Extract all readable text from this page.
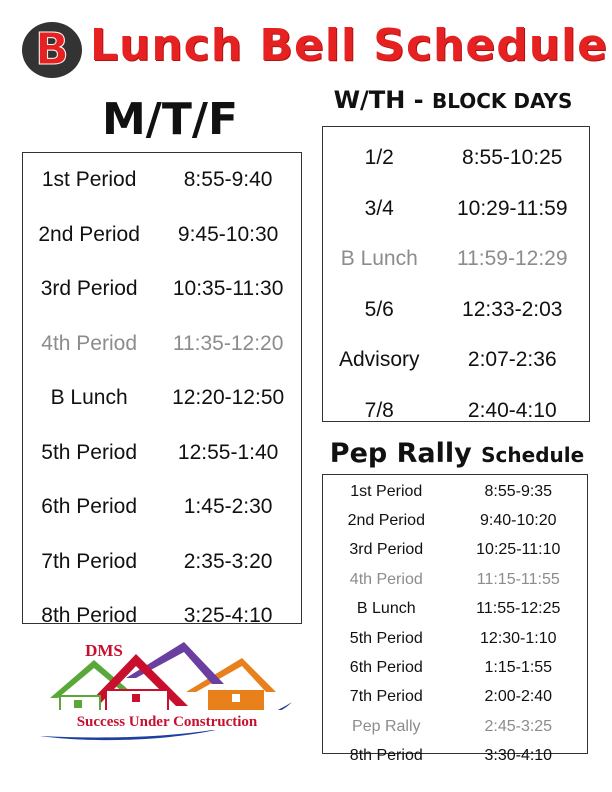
B Lunch Bell Schedule
M/T/F
1st Period	8:55-9:40
2nd Period	9:45-10:30
3rd Period	10:35-11:30
4th Period	11:35-12:20
B Lunch	12:20-12:50
5th Period	12:55-1:40
6th Period	1:45-2:30
7th Period	2:35-3:20
8th Period	3:25-4:10
W/TH - BLOCK DAYS
1/2	8:55-10:25
3/4	10:29-11:59
B Lunch	11:59-12:29
5/6	12:33-2:03
Advisory	2:07-2:36
7/8	2:40-4:10
Pep Rally Schedule
1st Period	8:55-9:35
2nd Period	9:40-10:20
3rd Period	10:25-11:10
4th Period	11:15-11:55
B Lunch	11:55-12:25
5th Period	12:30-1:10
6th Period	1:15-1:55
7th Period	2:00-2:40
Pep Rally	2:45-3:25
8th Period	3:30-4:10
Success Under Construction
DMS
